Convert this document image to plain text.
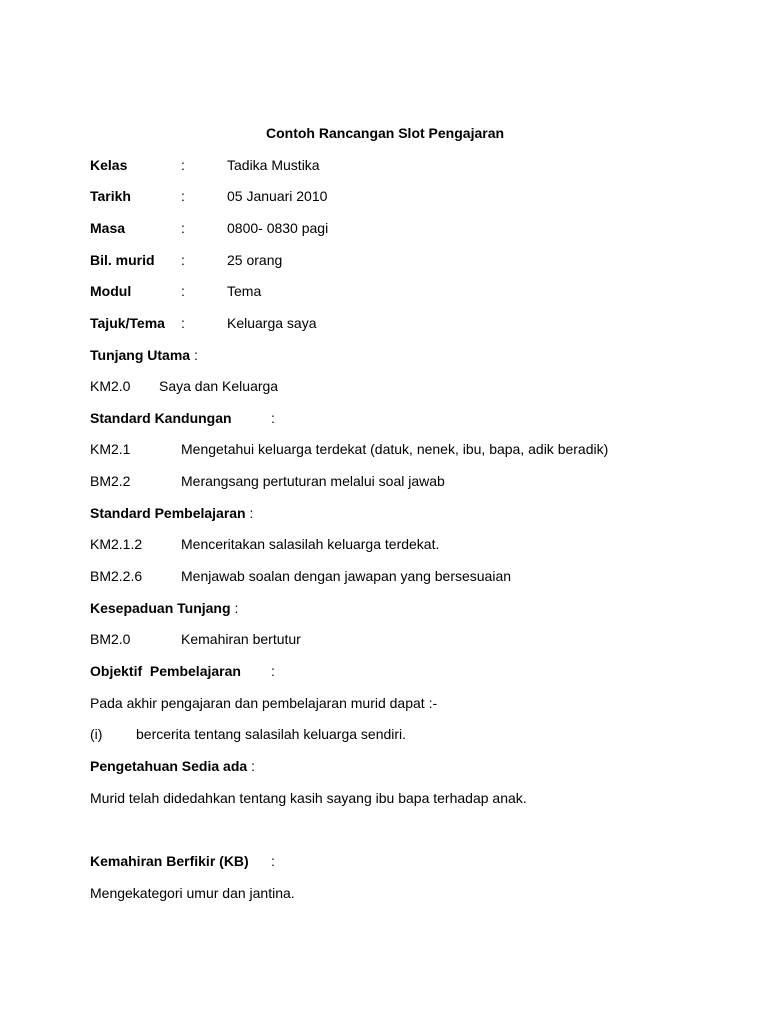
Contoh Rancangan Slot Pengajaran
Kelas	:	Tadika Mustika
Tarikh	:	05 Januari 2010
Masa	:	0800- 0830 pagi
Bil. murid :	25 orang
Modul	:	Tema
Tajuk/Tema :	Keluarga saya
Tunjang Utama :
KM2.0 Saya dan Keluarga
Standard Kandungan	:
KM2.1	Mengetahui keluarga terdekat (datuk, nenek, ibu, bapa, adik beradik)
BM2.2	Merangsang pertuturan melalui soal jawab
Standard Pembelajaran :
KM2.1.2	Menceritakan salasilah keluarga terdekat.
BM2.2.6	Menjawab soalan dengan jawapan yang bersesuaian
Kesepaduan Tunjang :
BM2.0	Kemahiran bertutur
Objektif  Pembelajaran :
Pada akhir pengajaran dan pembelajaran murid dapat :-
(i) bercerita tentang salasilah keluarga sendiri.
Pengetahuan Sedia ada :
Murid telah didedahkan tentang kasih sayang ibu bapa terhadap anak.
Kemahiran Berfikir (KB) :
Mengekategori umur dan jantina.
